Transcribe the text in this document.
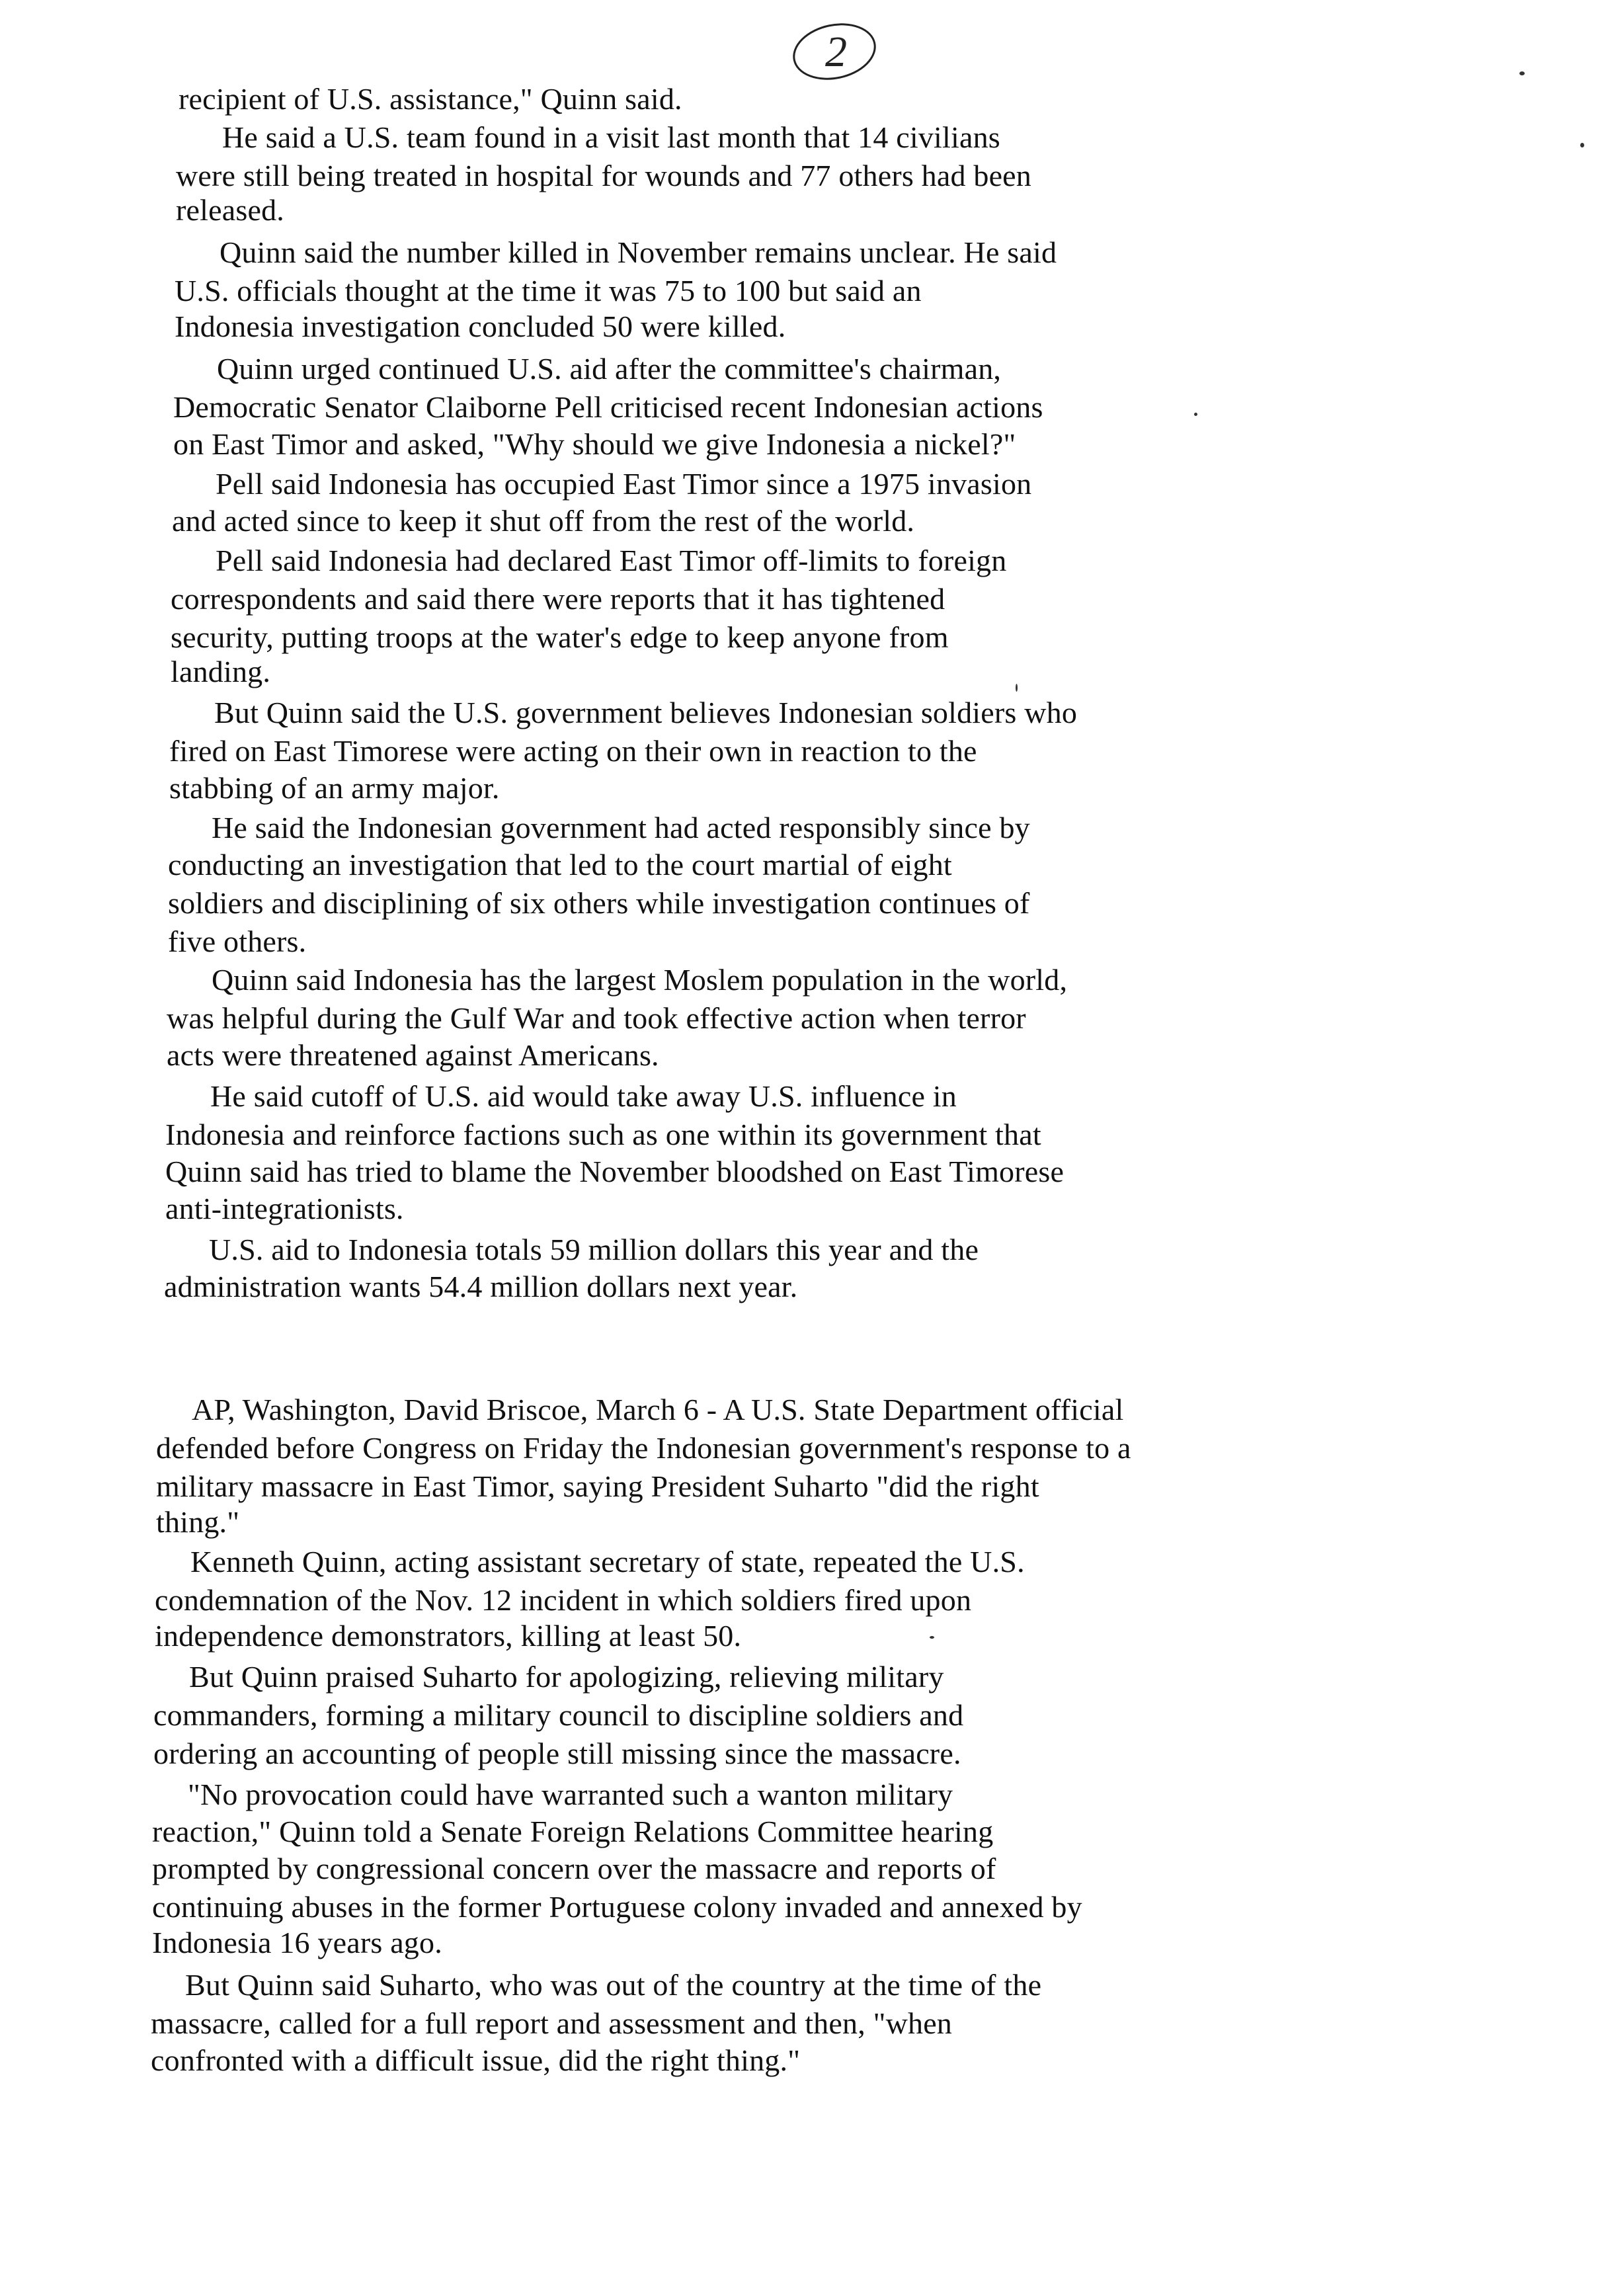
2
recipient of U.S. assistance," Quinn said.
He said a U.S. team found in a visit last month that 14 civilians
were still being treated in hospital for wounds and 77 others had been
released.
Quinn said the number killed in November remains unclear. He said
U.S. officials thought at the time it was 75 to 100 but said an
Indonesia investigation concluded 50 were killed.
Quinn urged continued U.S. aid after the committee's chairman,
Democratic Senator Claiborne Pell criticised recent Indonesian actions
on East Timor and asked, "Why should we give Indonesia a nickel?"
Pell said Indonesia has occupied East Timor since a 1975 invasion
and acted since to keep it shut off from the rest of the world.
Pell said Indonesia had declared East Timor off-limits to foreign
correspondents and said there were reports that it has tightened
security, putting troops at the water's edge to keep anyone from
landing.
But Quinn said the U.S. government believes Indonesian soldiers who
fired on East Timorese were acting on their own in reaction to the
stabbing of an army major.
He said the Indonesian government had acted responsibly since by
conducting an investigation that led to the court martial of eight
soldiers and disciplining of six others while investigation continues of
five others.
Quinn said Indonesia has the largest Moslem population in the world,
was helpful during the Gulf War and took effective action when terror
acts were threatened against Americans.
He said cutoff of U.S. aid would take away U.S. influence in
Indonesia and reinforce factions such as one within its government that
Quinn said has tried to blame the November bloodshed on East Timorese
anti-integrationists.
U.S. aid to Indonesia totals 59 million dollars this year and the
administration wants 54.4 million dollars next year.
AP, Washington, David Briscoe, March 6 - A U.S. State Department official
defended before Congress on Friday the Indonesian government's response to a
military massacre in East Timor, saying President Suharto "did the right
thing."
Kenneth Quinn, acting assistant secretary of state, repeated the U.S.
condemnation of the Nov. 12 incident in which soldiers fired upon
independence demonstrators, killing at least 50.
But Quinn praised Suharto for apologizing, relieving military
commanders, forming a military council to discipline soldiers and
ordering an accounting of people still missing since the massacre.
"No provocation could have warranted such a wanton military
reaction," Quinn told a Senate Foreign Relations Committee hearing
prompted by congressional concern over the massacre and reports of
continuing abuses in the former Portuguese colony invaded and annexed by
Indonesia 16 years ago.
But Quinn said Suharto, who was out of the country at the time of the
massacre, called for a full report and assessment and then, "when
confronted with a difficult issue, did the right thing."
